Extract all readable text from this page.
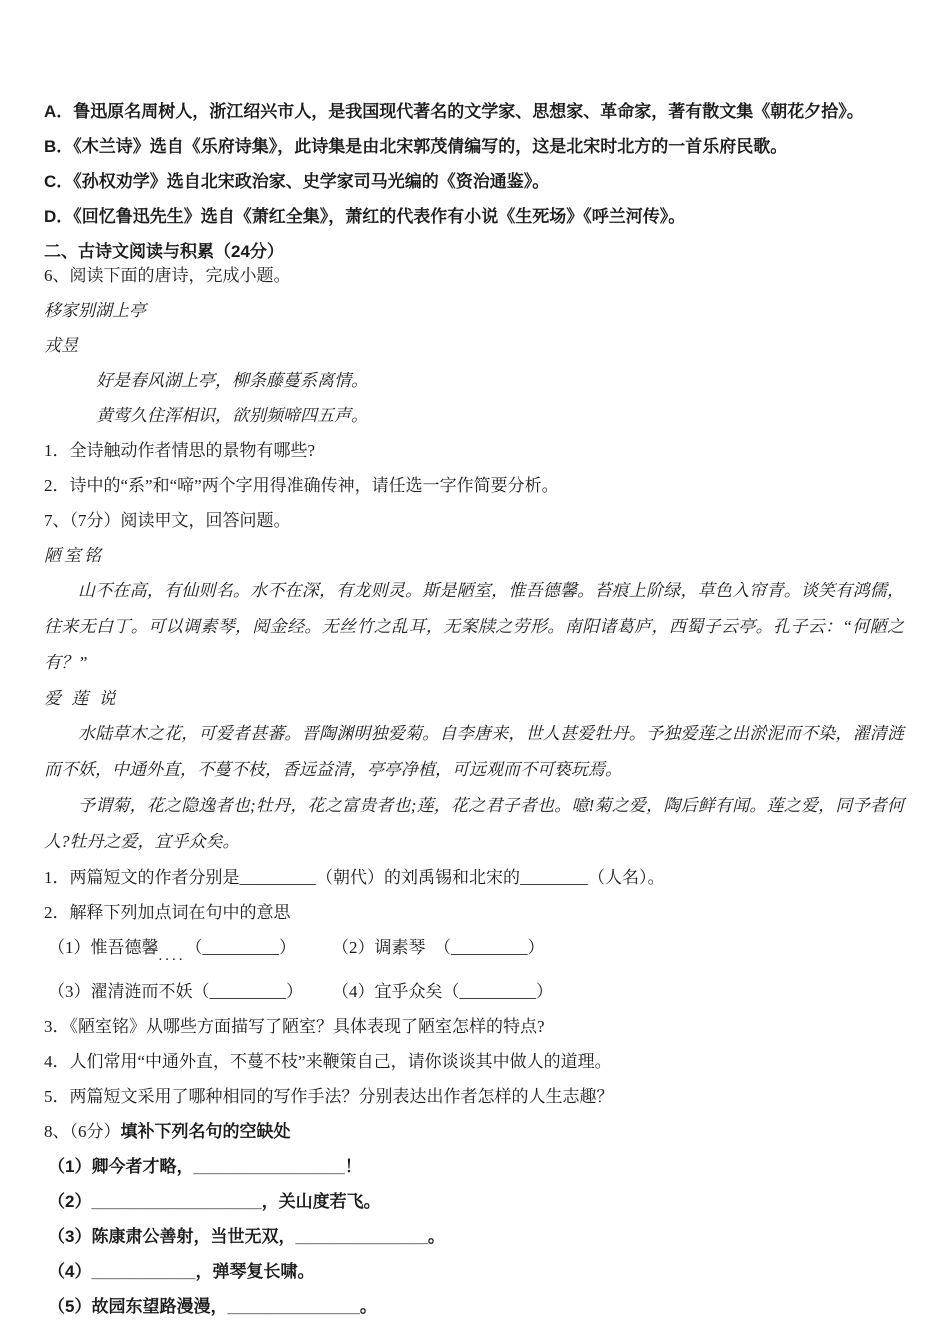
A．鲁迅原名周树人，浙江绍兴市人，是我国现代著名的文学家、思想家、革命家，著有散文集《朝花夕拾》。
B．《木兰诗》选自《乐府诗集》，此诗集是由北宋郭茂倩编写的，这是北宋时北方的一首乐府民歌。
C．《孙权劝学》选自北宋政治家、史学家司马光编的《资治通鉴》。
D．《回忆鲁迅先生》选自《萧红全集》，萧红的代表作有小说《生死场》《呼兰河传》。
二、古诗文阅读与积累（24分）
6、阅读下面的唐诗，完成小题。
移家别湖上亭
戎昱
好是春风湖上亭，柳条藤蔓系离情。
黄莺久住浑相识，欲别频啼四五声。
1．全诗触动作者情思的景物有哪些?
2．诗中的“系”和“啼”两个字用得准确传神，请任选一字作简要分析。
7、（7分）阅读甲文，回答问题。
陋室铭
山不在高，有仙则名。水不在深，有龙则灵。斯是陋室，惟吾德馨。苔痕上阶绿，草色入帘青。谈笑有鸿儒，往来无白丁。可以调素琴，阅金经。无丝竹之乱耳，无案牍之劳形。南阳诸葛庐，西蜀子云亭。孔子云：“何陋之有？”
爱 莲 说
水陆草木之花，可爱者甚蕃。晋陶渊明独爱菊。自李唐来，世人甚爱牡丹。予独爱莲之出淤泥而不染，濯清涟而不妖，中通外直，不蔓不枝，香远益清，亭亭净植，可远观而不可亵玩焉。
予谓菊，花之隐逸者也;牡丹，花之富贵者也;莲，花之君子者也。噫!菊之爱，陶后鲜有闻。莲之爱，同予者何人?牡丹之爱，宜乎众矣。
1．两篇短文的作者分别是_________（朝代）的刘禹锡和北宋的________（人名）。
2．解释下列加点词在句中的意思
（1）惟吾德馨....（_________） （2）调素琴　（_________）
（3）濯清涟而不妖（_________） （4）宜乎众矣（_________）
3．《陋室铭》从哪些方面描写了陋室？具体表现了陋室怎样的特点?
4．人们常用“中通外直，不蔓不枝”来鞭策自己，请你谈谈其中做人的道理。
5．两篇短文采用了哪种相同的写作手法？分别表达出作者怎样的人生志趣？
8、（6分）填补下列名句的空缺处
（1）卿今者才略，________________！
（2）__________________，关山度若飞。
（3）陈康肃公善射，当世无双，______________。
（4）___________，弹琴复长啸。
（5）故园东望路漫漫，______________。
